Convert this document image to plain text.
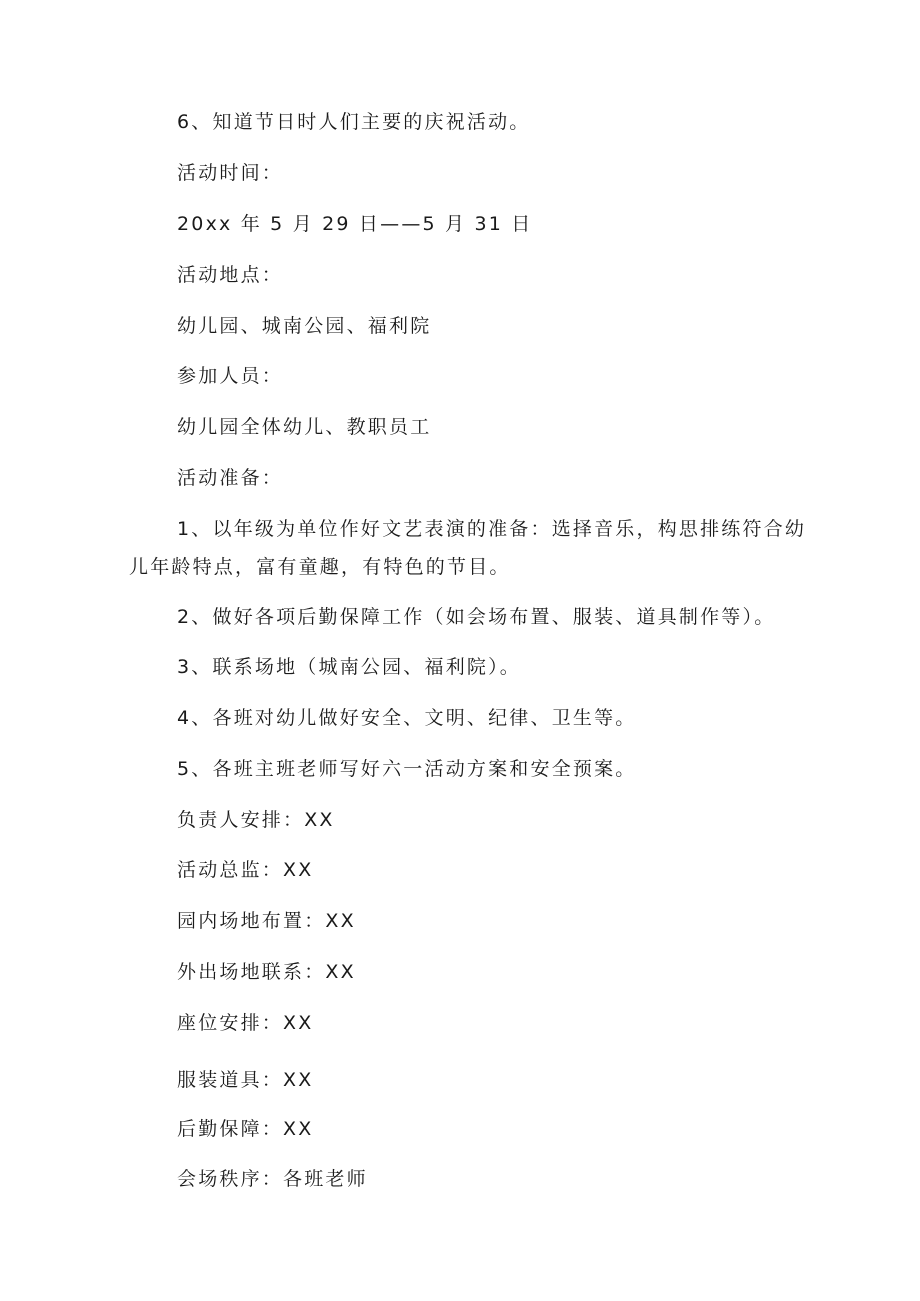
6、知道节日时人们主要的庆祝活动。
活动时间：
20xx 年 5 月 29 日——5 月 31 日
活动地点：
幼儿园、城南公园、福利院
参加人员：
幼儿园全体幼儿、教职员工
活动准备：
1、以年级为单位作好文艺表演的准备：选择音乐，构思排练符合幼
儿年龄特点，富有童趣，有特色的节目。
2、做好各项后勤保障工作（如会场布置、服装、道具制作等）。
3、联系场地（城南公园、福利院）。
4、各班对幼儿做好安全、文明、纪律、卫生等。
5、各班主班老师写好六一活动方案和安全预案。
负责人安排：XX
活动总监：XX
园内场地布置：XX
外出场地联系：XX
座位安排：XX
服装道具：XX
后勤保障：XX
会场秩序：各班老师
